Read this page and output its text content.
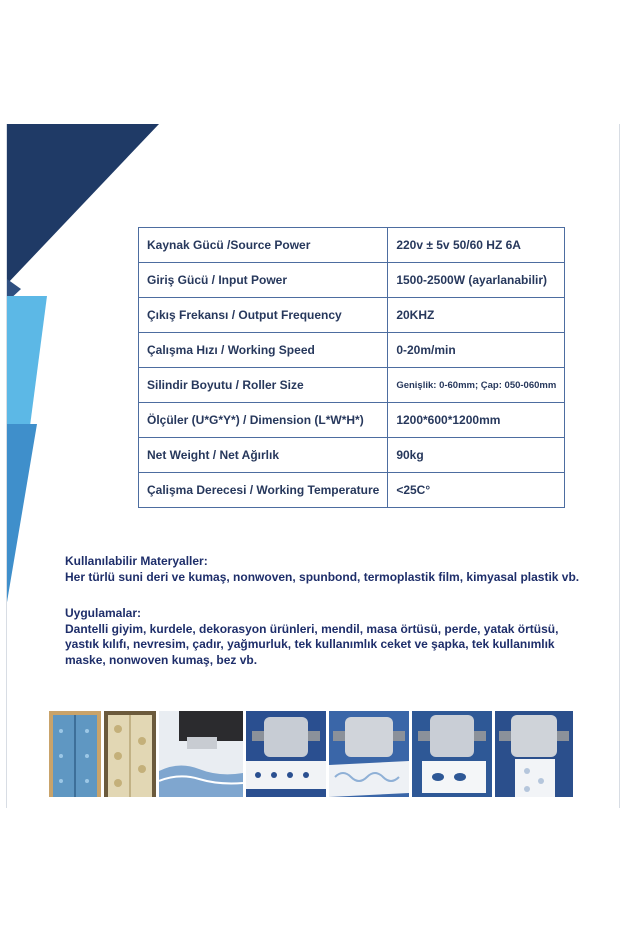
Kaynak Gücü /Source Power	220v ± 5v 50/60 HZ 6A
Giriş Gücü / Input Power	1500-2500W (ayarlanabilir)
Çıkış Frekansı / Output Frequency	20KHZ
Çalışma Hızı / Working Speed	0-20m/min
Silindir Boyutu / Roller Size	Genişlik: 0-60mm; Çap: 050-060mm
Ölçüler (U*G*Y*) / Dimension (L*W*H*)	1200*600*1200mm
Net Weight / Net Ağırlık	90kg
Çalişma Derecesi / Working Temperature	<25C°
Kullanılabilir Materyaller:
Her türlü suni deri ve kumaş, nonwoven, spunbond, termoplastik film, kimyasal plastik vb.
Uygulamalar:
Dantelli giyim, kurdele, dekorasyon ürünleri, mendil, masa örtüsü, perde, yatak örtüsü,
yastık kılıfı, nevresim, çadır, yağmurluk, tek kullanımlık ceket ve şapka, tek kullanımlık
maske, nonwoven kumaş, bez vb.
